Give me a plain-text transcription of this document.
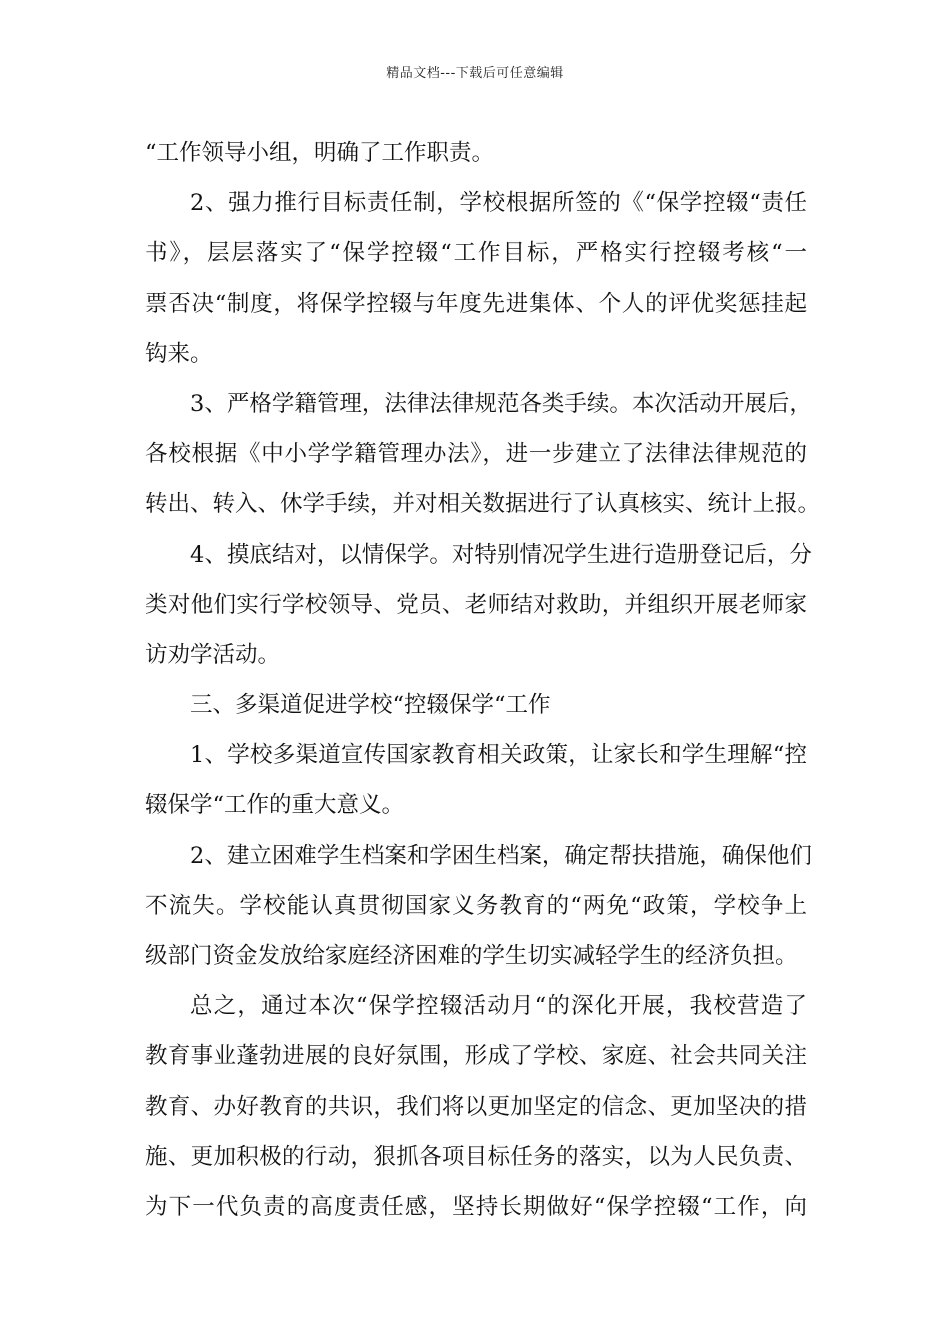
精品文档---下载后可任意编辑
“工作领导小组，明确了工作职责。
2、强力推行目标责任制，学校根据所签的《“保学控辍“责任
书》，层层落实了“保学控辍“工作目标，严格实行控辍考核“一
票否决“制度，将保学控辍与年度先进集体、个人的评优奖惩挂起
钩来。
3、严格学籍管理，法律法律规范各类手续。本次活动开展后，
各校根据《中小学学籍管理办法》，进一步建立了法律法律规范的
转出、转入、休学手续，并对相关数据进行了认真核实、统计上报。
4、摸底结对，以情保学。对特别情况学生进行造册登记后，分
类对他们实行学校领导、党员、老师结对救助，并组织开展老师家
访劝学活动。
三、多渠道促进学校“控辍保学“工作
1、学校多渠道宣传国家教育相关政策，让家长和学生理解“控
辍保学“工作的重大意义。
2、建立困难学生档案和学困生档案，确定帮扶措施，确保他们
不流失。学校能认真贯彻国家义务教育的“两免“政策，学校争上
级部门资金发放给家庭经济困难的学生切实减轻学生的经济负担。
总之，通过本次“保学控辍活动月“的深化开展，我校营造了
教育事业蓬勃进展的良好氛围，形成了学校、家庭、社会共同关注
教育、办好教育的共识，我们将以更加坚定的信念、更加坚决的措
施、更加积极的行动，狠抓各项目标任务的落实，以为人民负责、
为下一代负责的高度责任感，坚持长期做好“保学控辍“工作，向
